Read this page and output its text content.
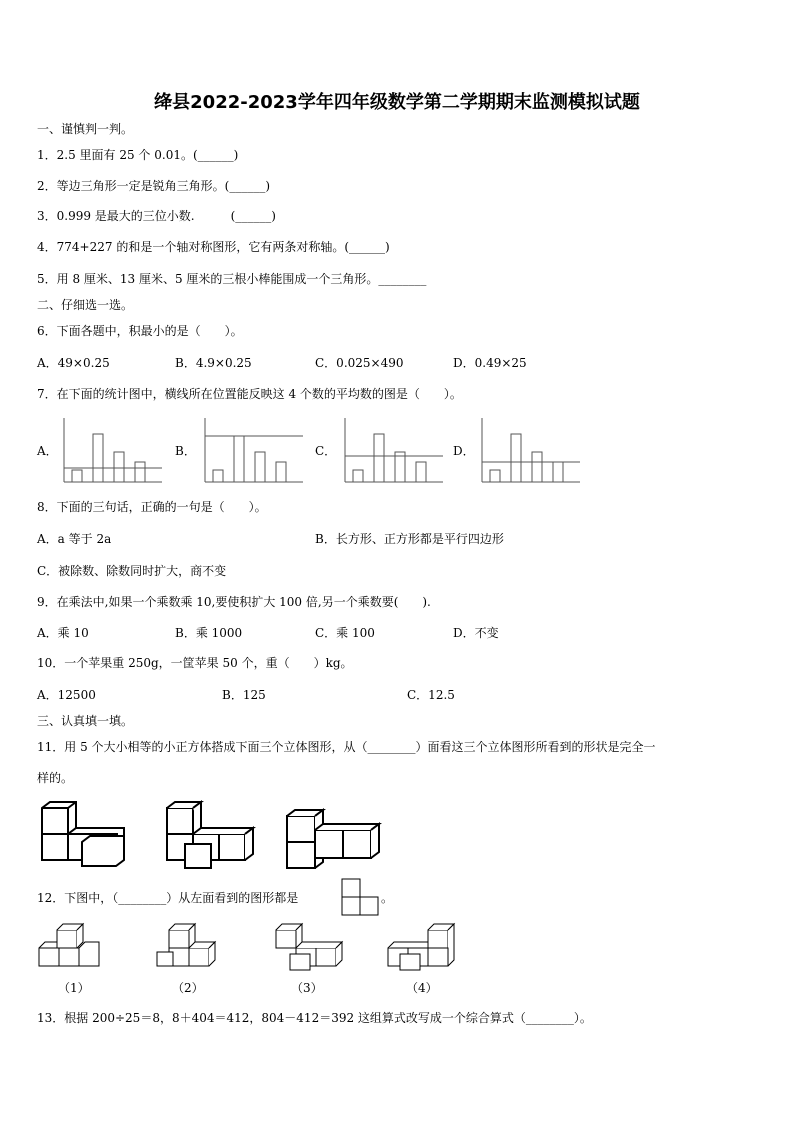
绛县2022-2023学年四年级数学第二学期期末监测模拟试题
一、谨慎判一判。
1．2.5 里面有 25 个 0.01。(______)
2．等边三角形一定是锐角三角形。(______)
3．0.999 是最大的三位小数.　　　(______)
4．774+227 的和是一个轴对称图形，它有两条对称轴。(______)
5．用 8 厘米、13 厘米、5 厘米的三根小棒能围成一个三角形。________
二、仔细选一选。
6．下面各题中，积最小的是（　　）。
A．49×0.25	B．4.9×0.25	C．0.025×490	D．0.49×25
7．在下面的统计图中，横线所在位置能反映这 4 个数的平均数的图是（　　）。
A．	B．	C．	D．
8．下面的三句话，正确的一句是（　　）。
A．a 等于 2a	B．长方形、正方形都是平行四边形
C．被除数、除数同时扩大，商不变
9．在乘法中,如果一个乘数乘 10,要使积扩大 100 倍,另一个乘数要(　　).
A．乘 10	B．乘 1000	C．乘 100	D．不变
10．一个苹果重 250g，一筐苹果 50 个，重（　　）kg。
A．12500	B．125	C．12.5
三、认真填一填。
11．用 5 个大小相等的小正方体搭成下面三个立体图形，从（________）面看这三个立体图形所看到的形状是完全一
样的。
12．下图中，（________）从左面看到的图形都是	。
（1）	（2）	（3）	（4）
13．根据 200÷25＝8，8＋404＝412，804－412＝392 这组算式改写成一个综合算式（________）。
